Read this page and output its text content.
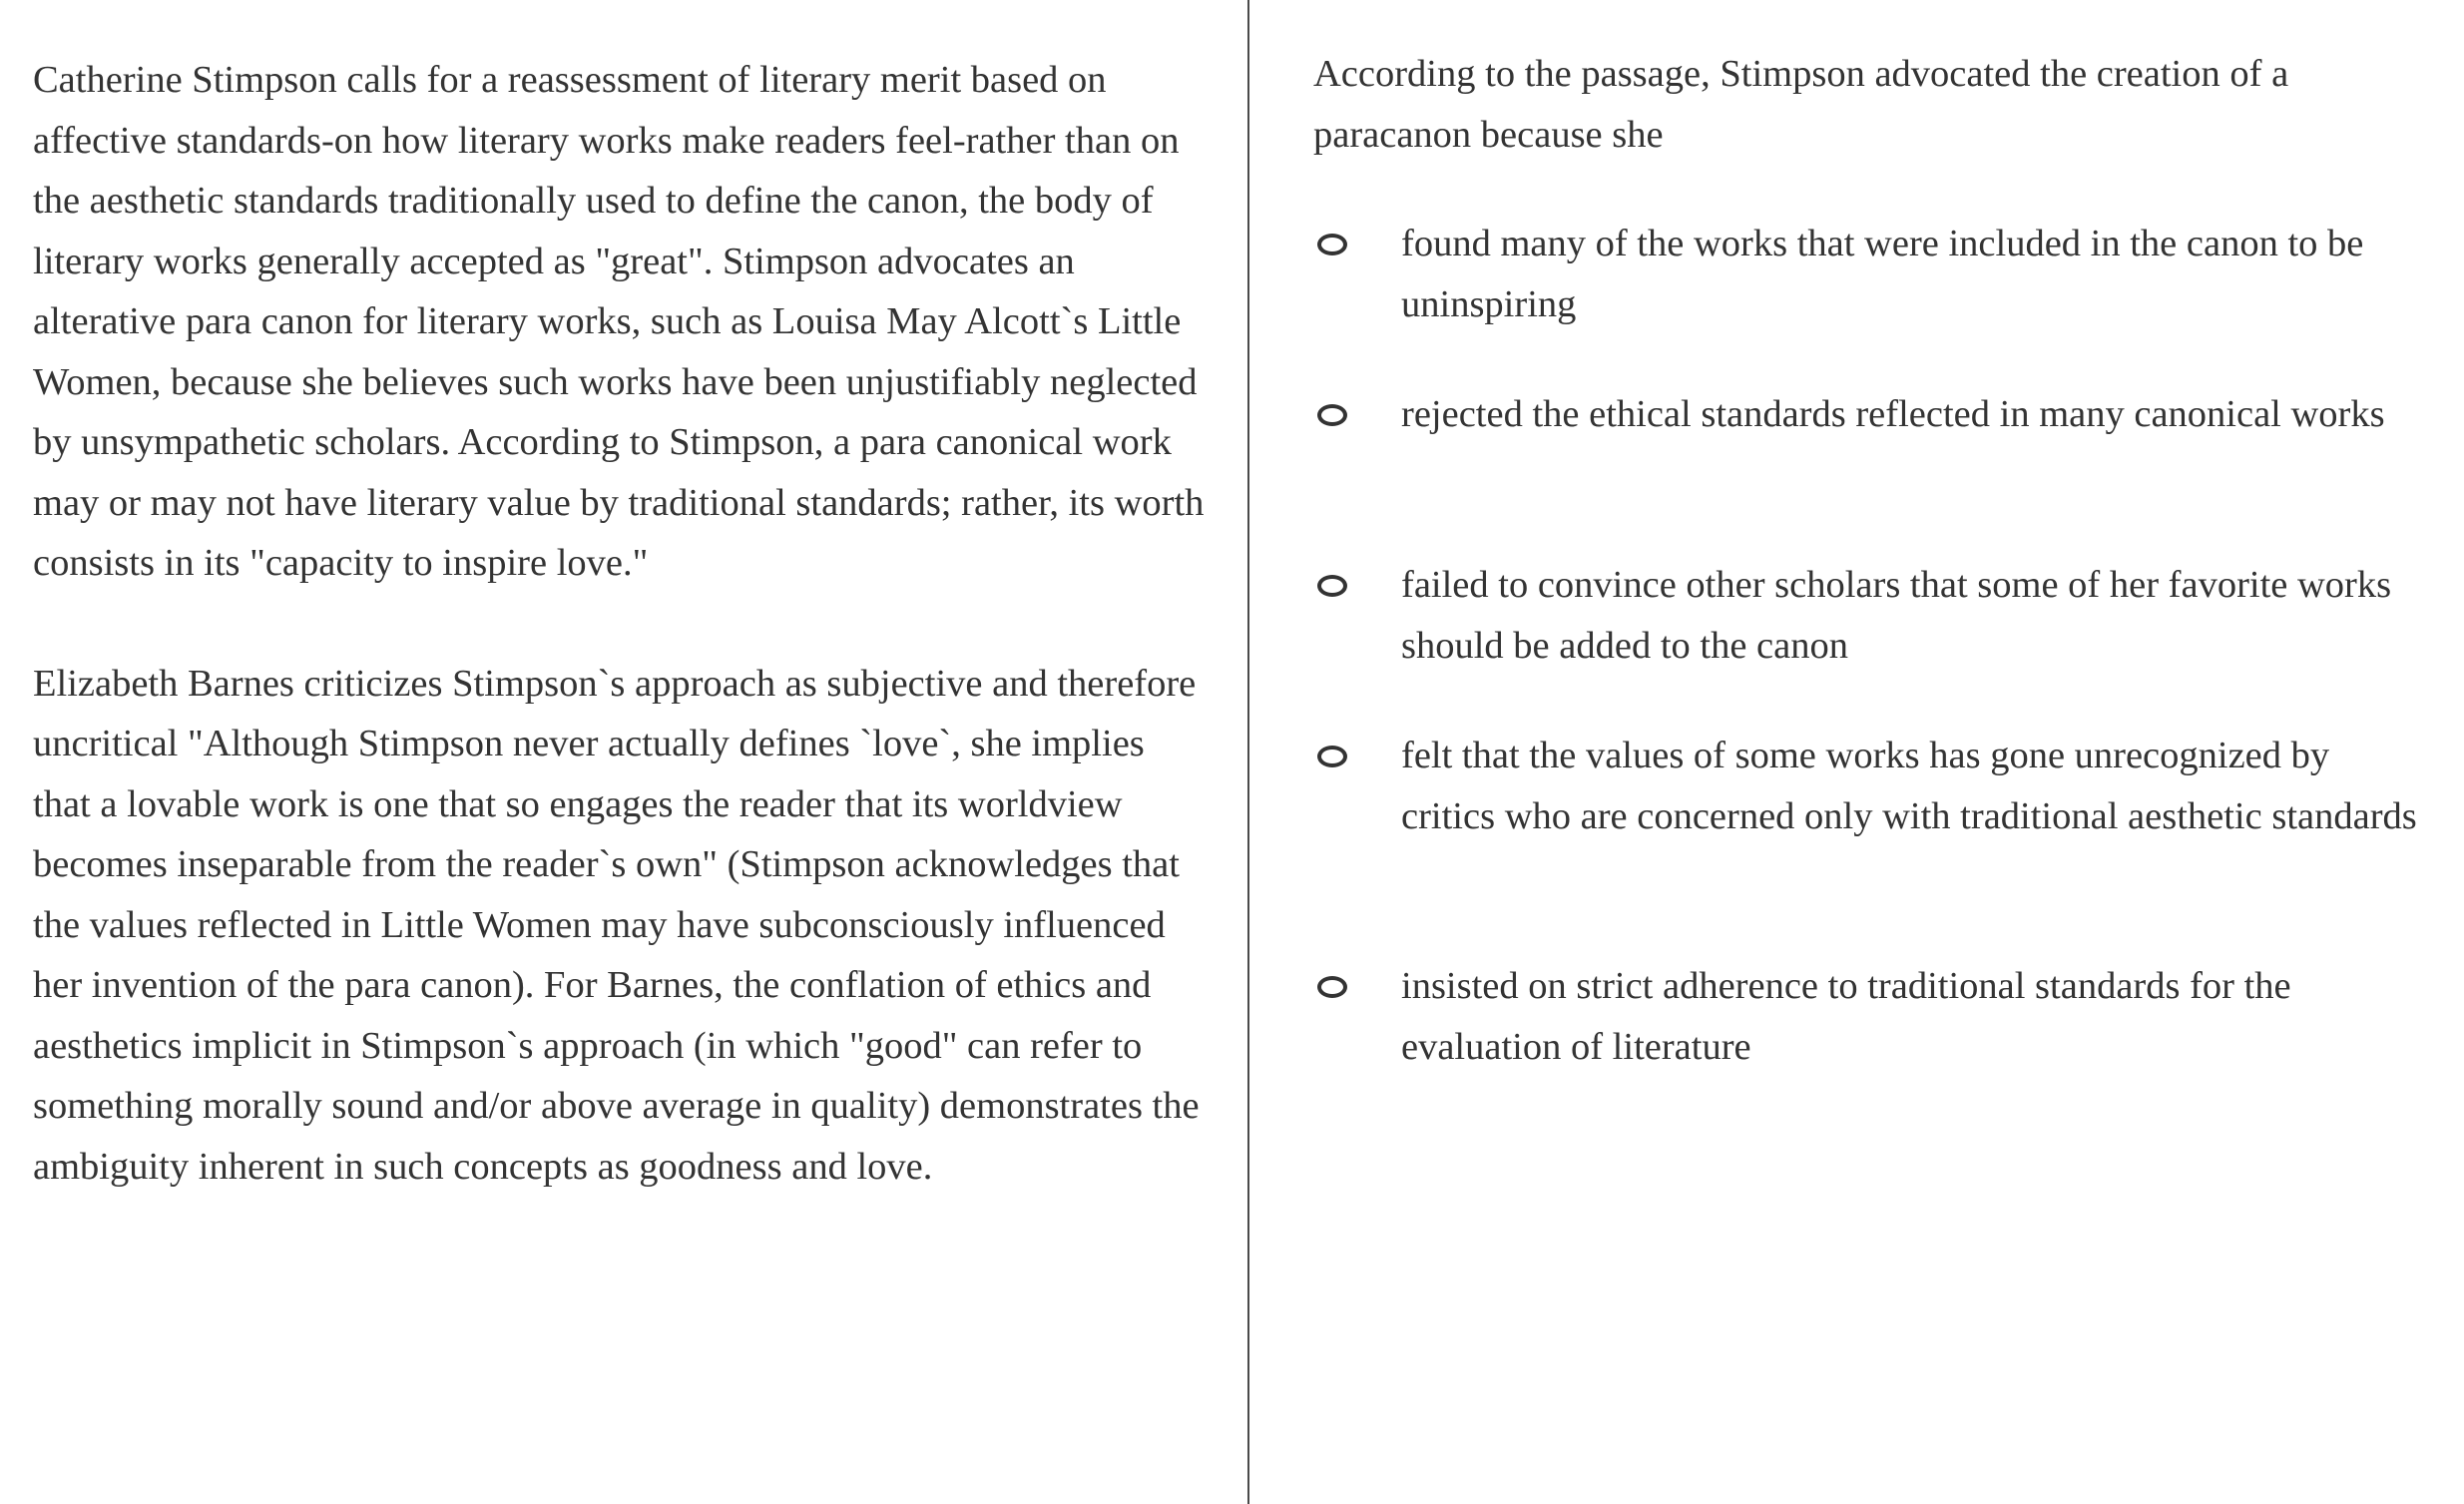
Catherine Stimpson calls for a reassessment of literary merit based on affective standards-on how literary works make readers feel-rather than on the aesthetic standards traditionally used to define the canon, the body of literary works generally accepted as "great". Stimpson advocates an alterative para canon for literary works, such as Louisa May Alcott`s Little Women, because she believes such works have been unjustifiably neglected by unsympathetic scholars. According to Stimpson, a para canonical work may or may not have literary value by traditional standards; rather, its worth consists in its "capacity to inspire love."

Elizabeth Barnes criticizes Stimpson`s approach as subjective and therefore uncritical "Although Stimpson never actually defines `love`, she implies that a lovable work is one that so engages the reader that its worldview becomes inseparable from the reader`s own" (Stimpson acknowledges that the values reflected in Little Women may have subconsciously influenced her invention of the para canon). For Barnes, the conflation of ethics and aesthetics implicit in Stimpson`s approach (in which "good" can refer to something morally sound and/or above average in quality) demonstrates the ambiguity inherent in such concepts as goodness and love.

According to the passage, Stimpson advocated the creation of a paracanon because she

found many of the works that were included in the canon to be uninspiring
rejected the ethical standards reflected in many canonical works
failed to convince other scholars that some of her favorite works should be added to the canon
felt that the values of some works has gone unrecognized by critics who are concerned only with traditional aesthetic standards
insisted on strict adherence to traditional standards for the evaluation of literature
